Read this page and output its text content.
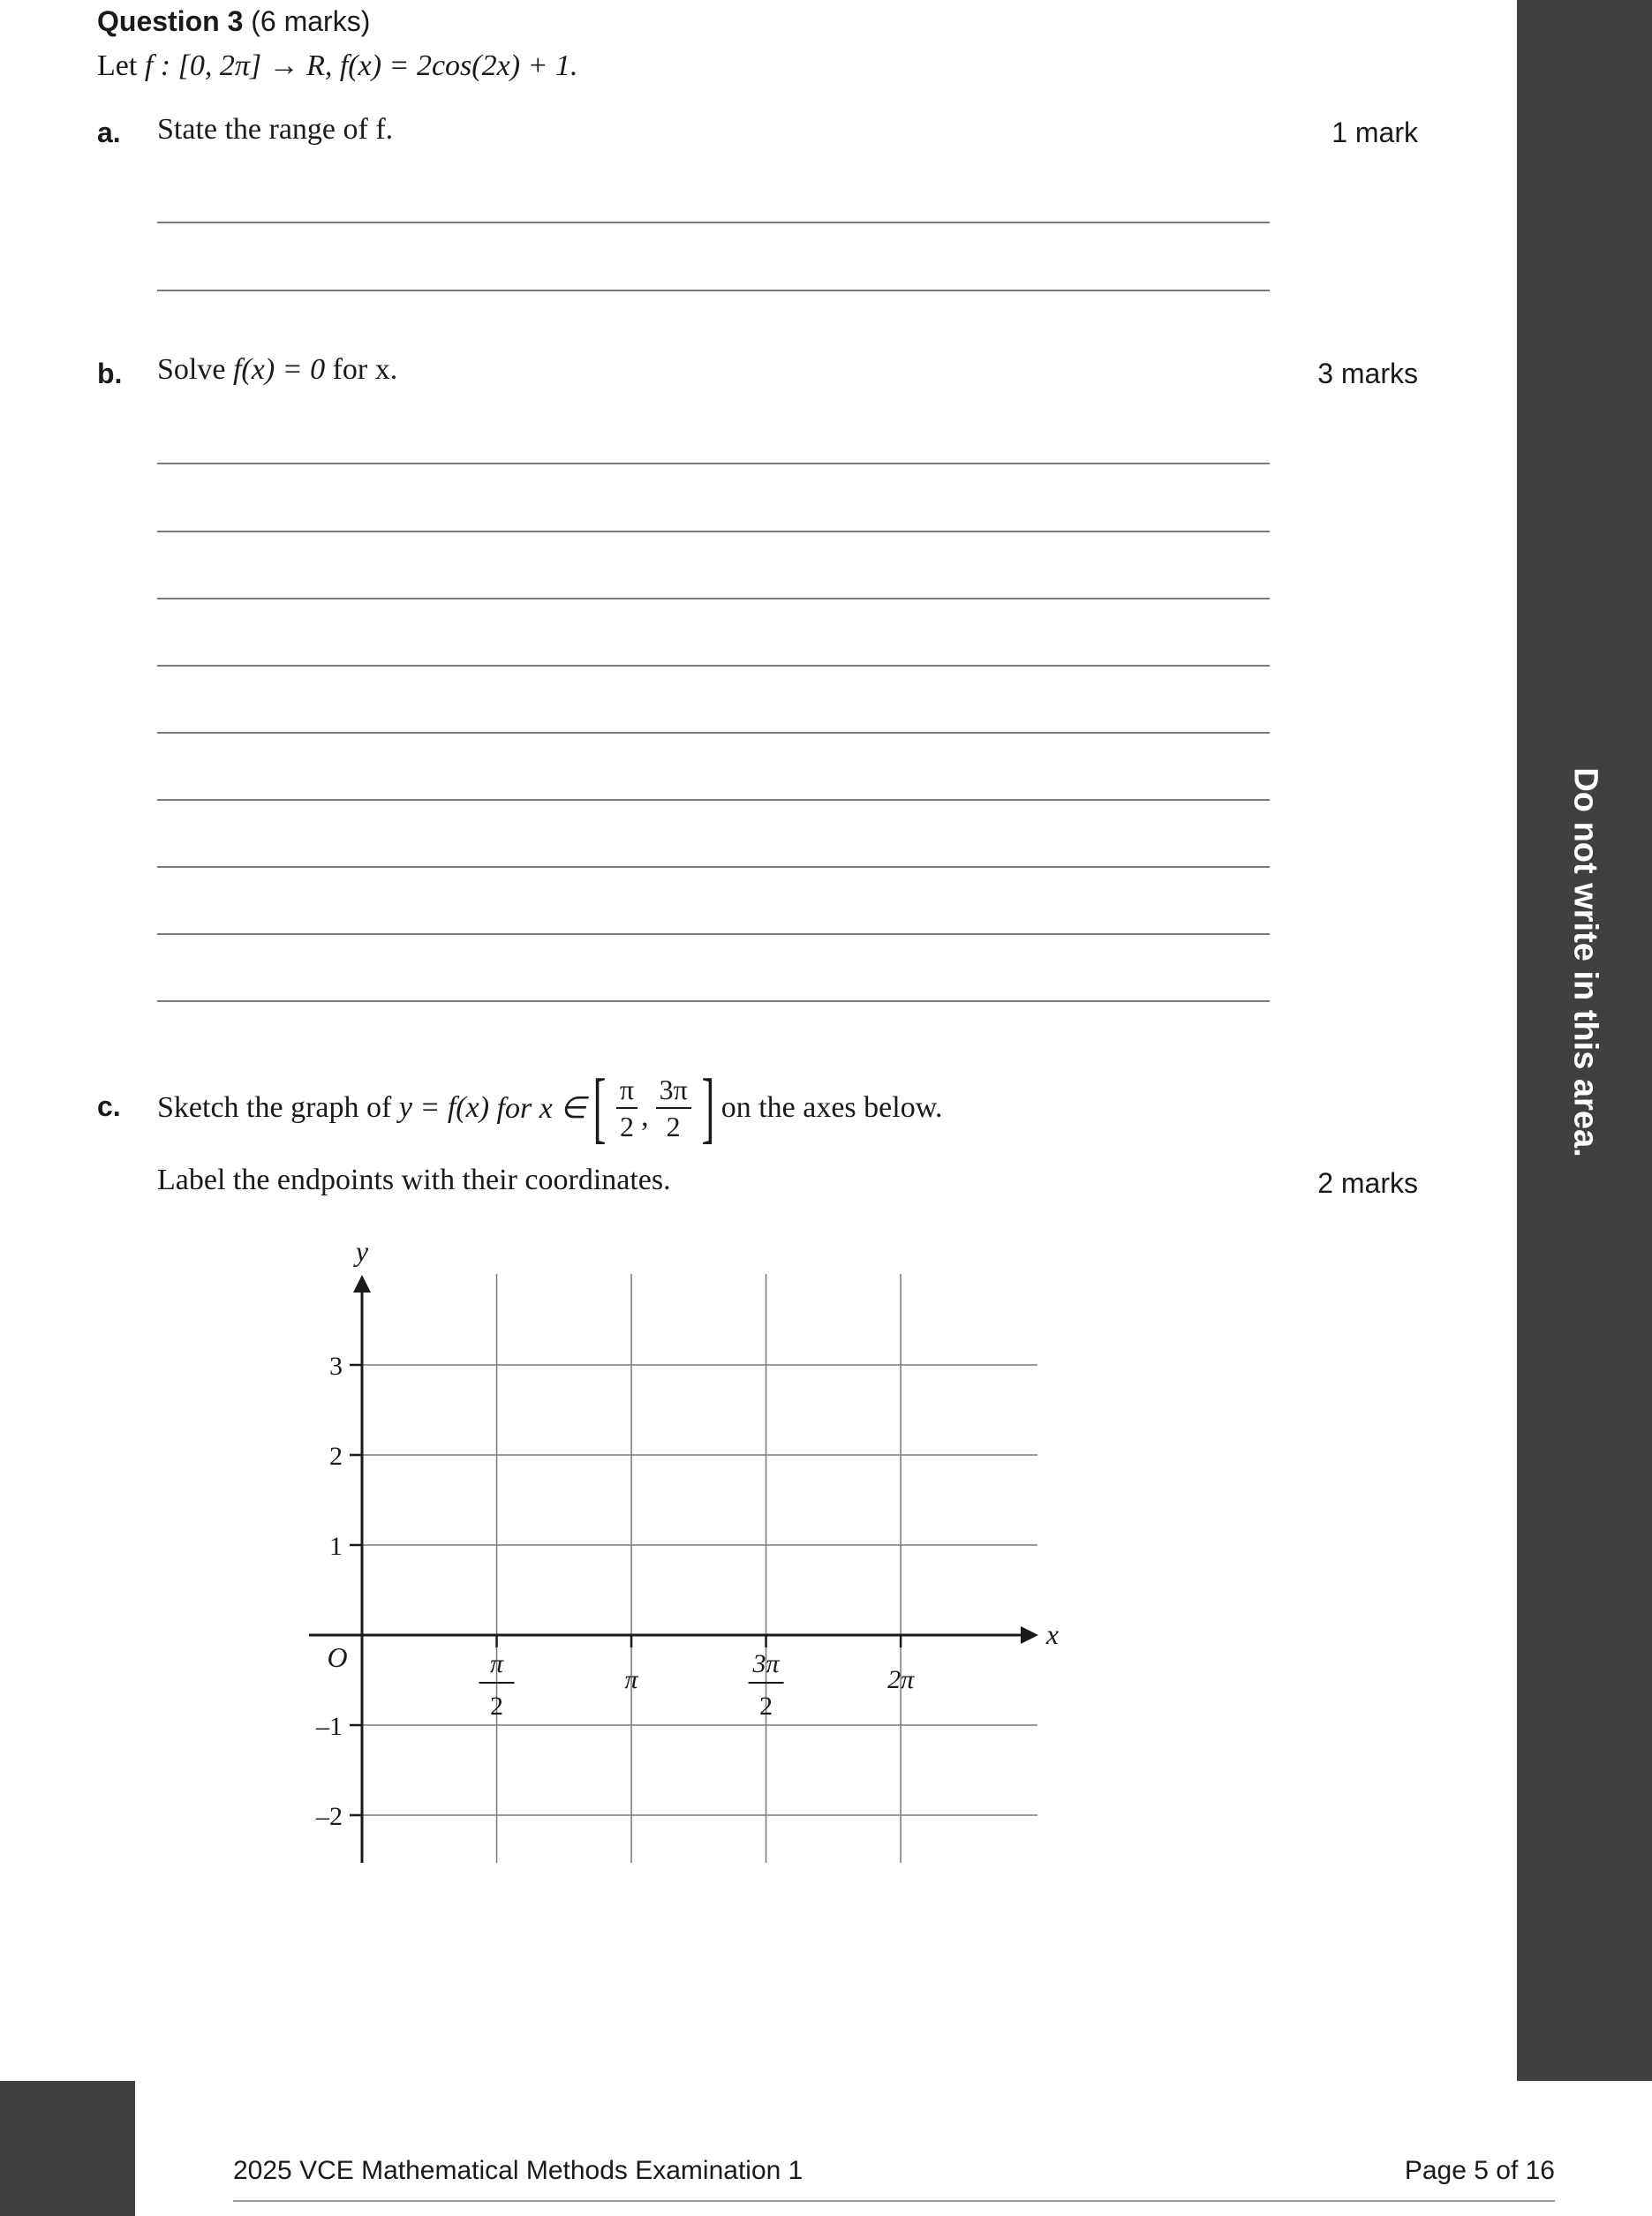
Question 3 (6 marks)
Let f : [0, 2π] → R, f(x) = 2cos(2x) + 1.
a. State the range of f.	1 mark
b. Solve f(x) = 0 for x.	3 marks
c. Sketch the graph of
y = f(x)
for x ∈ [ $\frac{\pi}{2}$ , $\frac{3\pi}{2}$ ] on the axes below.
Label the endpoints with their coordinates.	2 marks
y
x
O
3
2
1
–1
–2
π
2
π
3π
2
2π
Do not write in this area.
2025 VCE Mathematical Methods Examination 1	Page 5 of 16
